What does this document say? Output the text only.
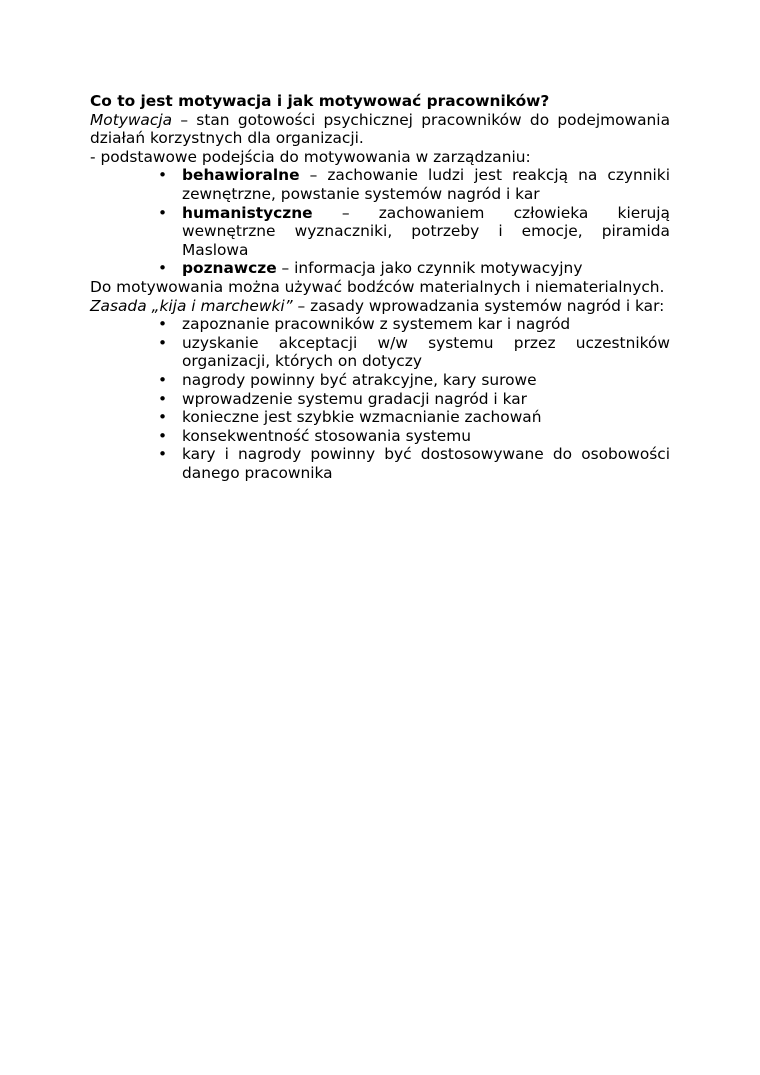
Co to jest motywacja i jak motywować pracowników?

Motywacja – stan gotowości psychicznej pracowników do podejmowania działań korzystnych dla organizacji.

- podstawowe podejścia do motywowania w zarządzaniu:

• behawioralne – zachowanie ludzi jest reakcją na czynniki zewnętrzne, powstanie systemów nagród i kar
• humanistyczne – zachowaniem człowieka kierują wewnętrzne wyznaczniki, potrzeby i emocje, piramida Maslowa
• poznawcze – informacja jako czynnik motywacyjny

Do motywowania można używać bodźców materialnych i niematerialnych.

Zasada „kija i marchewki” – zasady wprowadzania systemów nagród i kar:

• zapoznanie pracowników z systemem kar i nagród
• uzyskanie akceptacji w/w systemu przez uczestników organizacji, których on dotyczy
• nagrody powinny być atrakcyjne, kary surowe
• wprowadzenie systemu gradacji nagród i kar
• konieczne jest szybkie wzmacnianie zachowań
• konsekwentność stosowania systemu
• kary i nagrody powinny być dostosowywane do osobowości danego pracownika
